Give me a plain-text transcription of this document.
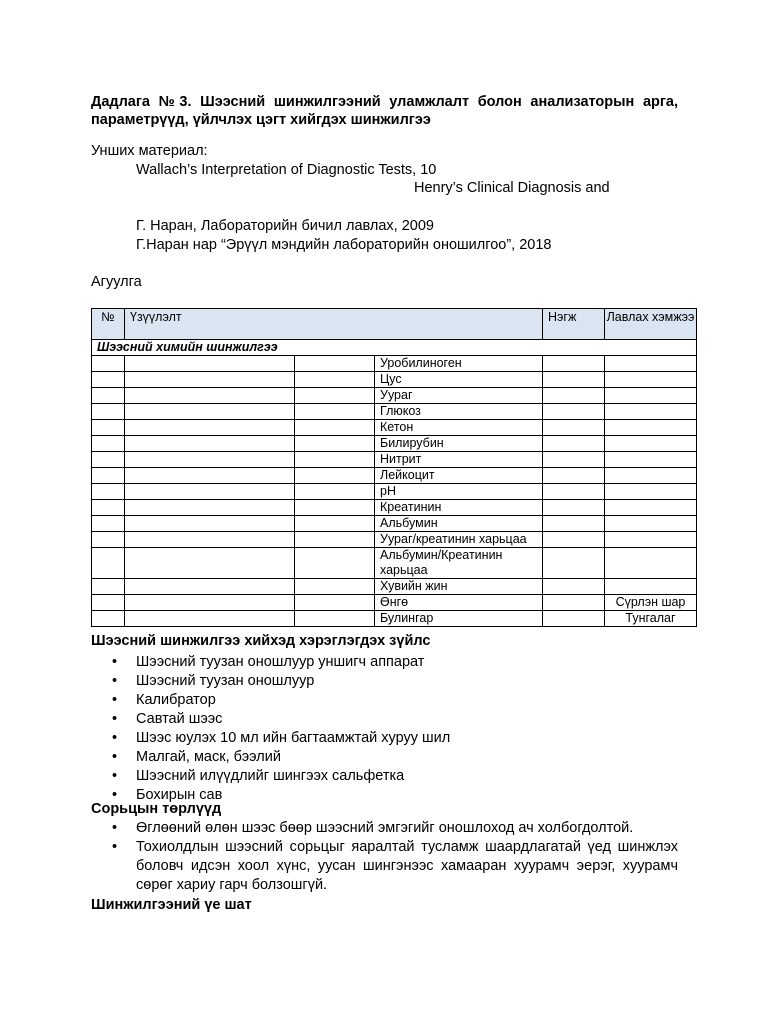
Дадлага №3. Шээсний шинжилгээний уламжлалт болон анализаторын арга, параметрүүд, үйлчлэх цэгт хийгдэх шинжилгээ
Унших материал:
Wallach’s Interpretation of Diagnostic Tests, 10
Henry’s Clinical Diagnosis and
Г. Наран, Лабораторийн бичил лавлах, 2009
Г.Наран нар “Эрүүл мэндийн лабораторийн оношилгоо”, 2018
Агуулга
№	Үзүүлэлт			Нэгж	Лавлах хэмжээ
Шээсний химийн шинжилгээ					
			Уробилиноген		
			Цус		
			Уураг		
			Глюкоз		
			Кетон		
			Билирубин		
			Нитрит		
			Лейкоцит		
			pH		
			Креатинин		
			Альбумин		
			Уураг/креатинин харьцаа		
			Альбумин/Креатинин харьцаа		
			Хувийн жин		
			Өнгө		Сүрлэн шар
			Булингар		Тунгалаг
Шээсний шинжилгээ хийхэд хэрэглэгдэх зүйлс
• Шээсний туузан оношлуур уншигч аппарат
• Шээсний туузан оношлуур
• Калибратор
• Савтай шээс
• Шээс юулэх 10 мл ийн багтаамжтай хуруу шил
• Малгай, маск, бээлий
• Шээсний илүүдлийг шингээх сальфетка
• Бохирын сав
Сорьцын төрлүүд
• Өглөөний өлөн шээс бөөр шээсний эмгэгийг оношлоход ач холбогдолтой.
• Тохиолдлын шээсний сорьцыг яаралтай тусламж шаардлагатай үед шинжлэх боловч идсэн хоол хүнс, уусан шингэнээс хамааран хуурамч эерэг, хуурамч сөрөг хариу гарч болзошгүй.
Шинжилгээний үе шат
